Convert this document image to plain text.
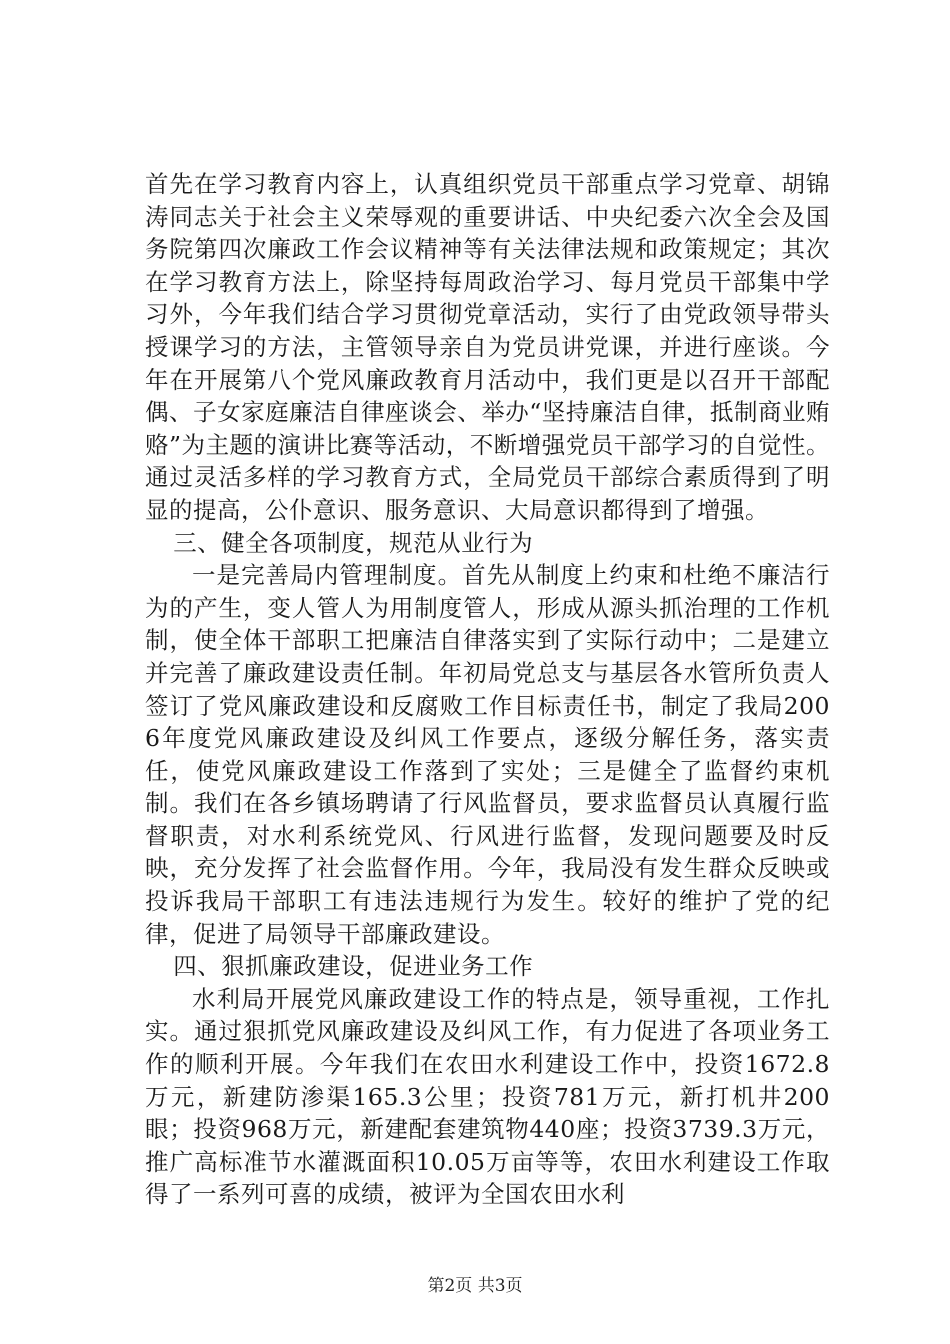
首先在学习教育内容上，认真组织党员干部重点学习党章、胡锦涛同志关于社会主义荣辱观的重要讲话、中央纪委六次全会及国务院第四次廉政工作会议精神等有关法律法规和政策规定；其次在学习教育方法上，除坚持每周政治学习、每月党员干部集中学习外，今年我们结合学习贯彻党章活动，实行了由党政领导带头授课学习的方法，主管领导亲自为党员讲党课，并进行座谈。今年在开展第八个党风廉政教育月活动中，我们更是以召开干部配偶、子女家庭廉洁自律座谈会、举办“坚持廉洁自律，抵制商业贿赂”为主题的演讲比赛等活动，不断增强党员干部学习的自觉性。通过灵活多样的学习教育方式，全局党员干部综合素质得到了明显的提高，公仆意识、服务意识、大局意识都得到了增强。

三、健全各项制度，规范从业行为

一是完善局内管理制度。首先从制度上约束和杜绝不廉洁行为的产生，变人管人为用制度管人，形成从源头抓治理的工作机制，使全体干部职工把廉洁自律落实到了实际行动中；二是建立并完善了廉政建设责任制。年初局党总支与基层各水管所负责人签订了党风廉政建设和反腐败工作目标责任书，制定了我局2006年度党风廉政建设及纠风工作要点，逐级分解任务，落实责任，使党风廉政建设工作落到了实处；三是健全了监督约束机制。我们在各乡镇场聘请了行风监督员，要求监督员认真履行监督职责，对水利系统党风、行风进行监督，发现问题要及时反映，充分发挥了社会监督作用。今年，我局没有发生群众反映或投诉我局干部职工有违法违规行为发生。较好的维护了党的纪律，促进了局领导干部廉政建设。

四、狠抓廉政建设，促进业务工作

水利局开展党风廉政建设工作的特点是，领导重视，工作扎实。通过狠抓党风廉政建设及纠风工作，有力促进了各项业务工作的顺利开展。今年我们在农田水利建设工作中，投资1672.8万元，新建防渗渠165.3公里；投资781万元，新打机井200眼；投资968万元，新建配套建筑物440座；投资3739.3万元，推广高标准节水灌溉面积10.05万亩等等，农田水利建设工作取得了一系列可喜的成绩，被评为全国农田水利

第2页 共3页
